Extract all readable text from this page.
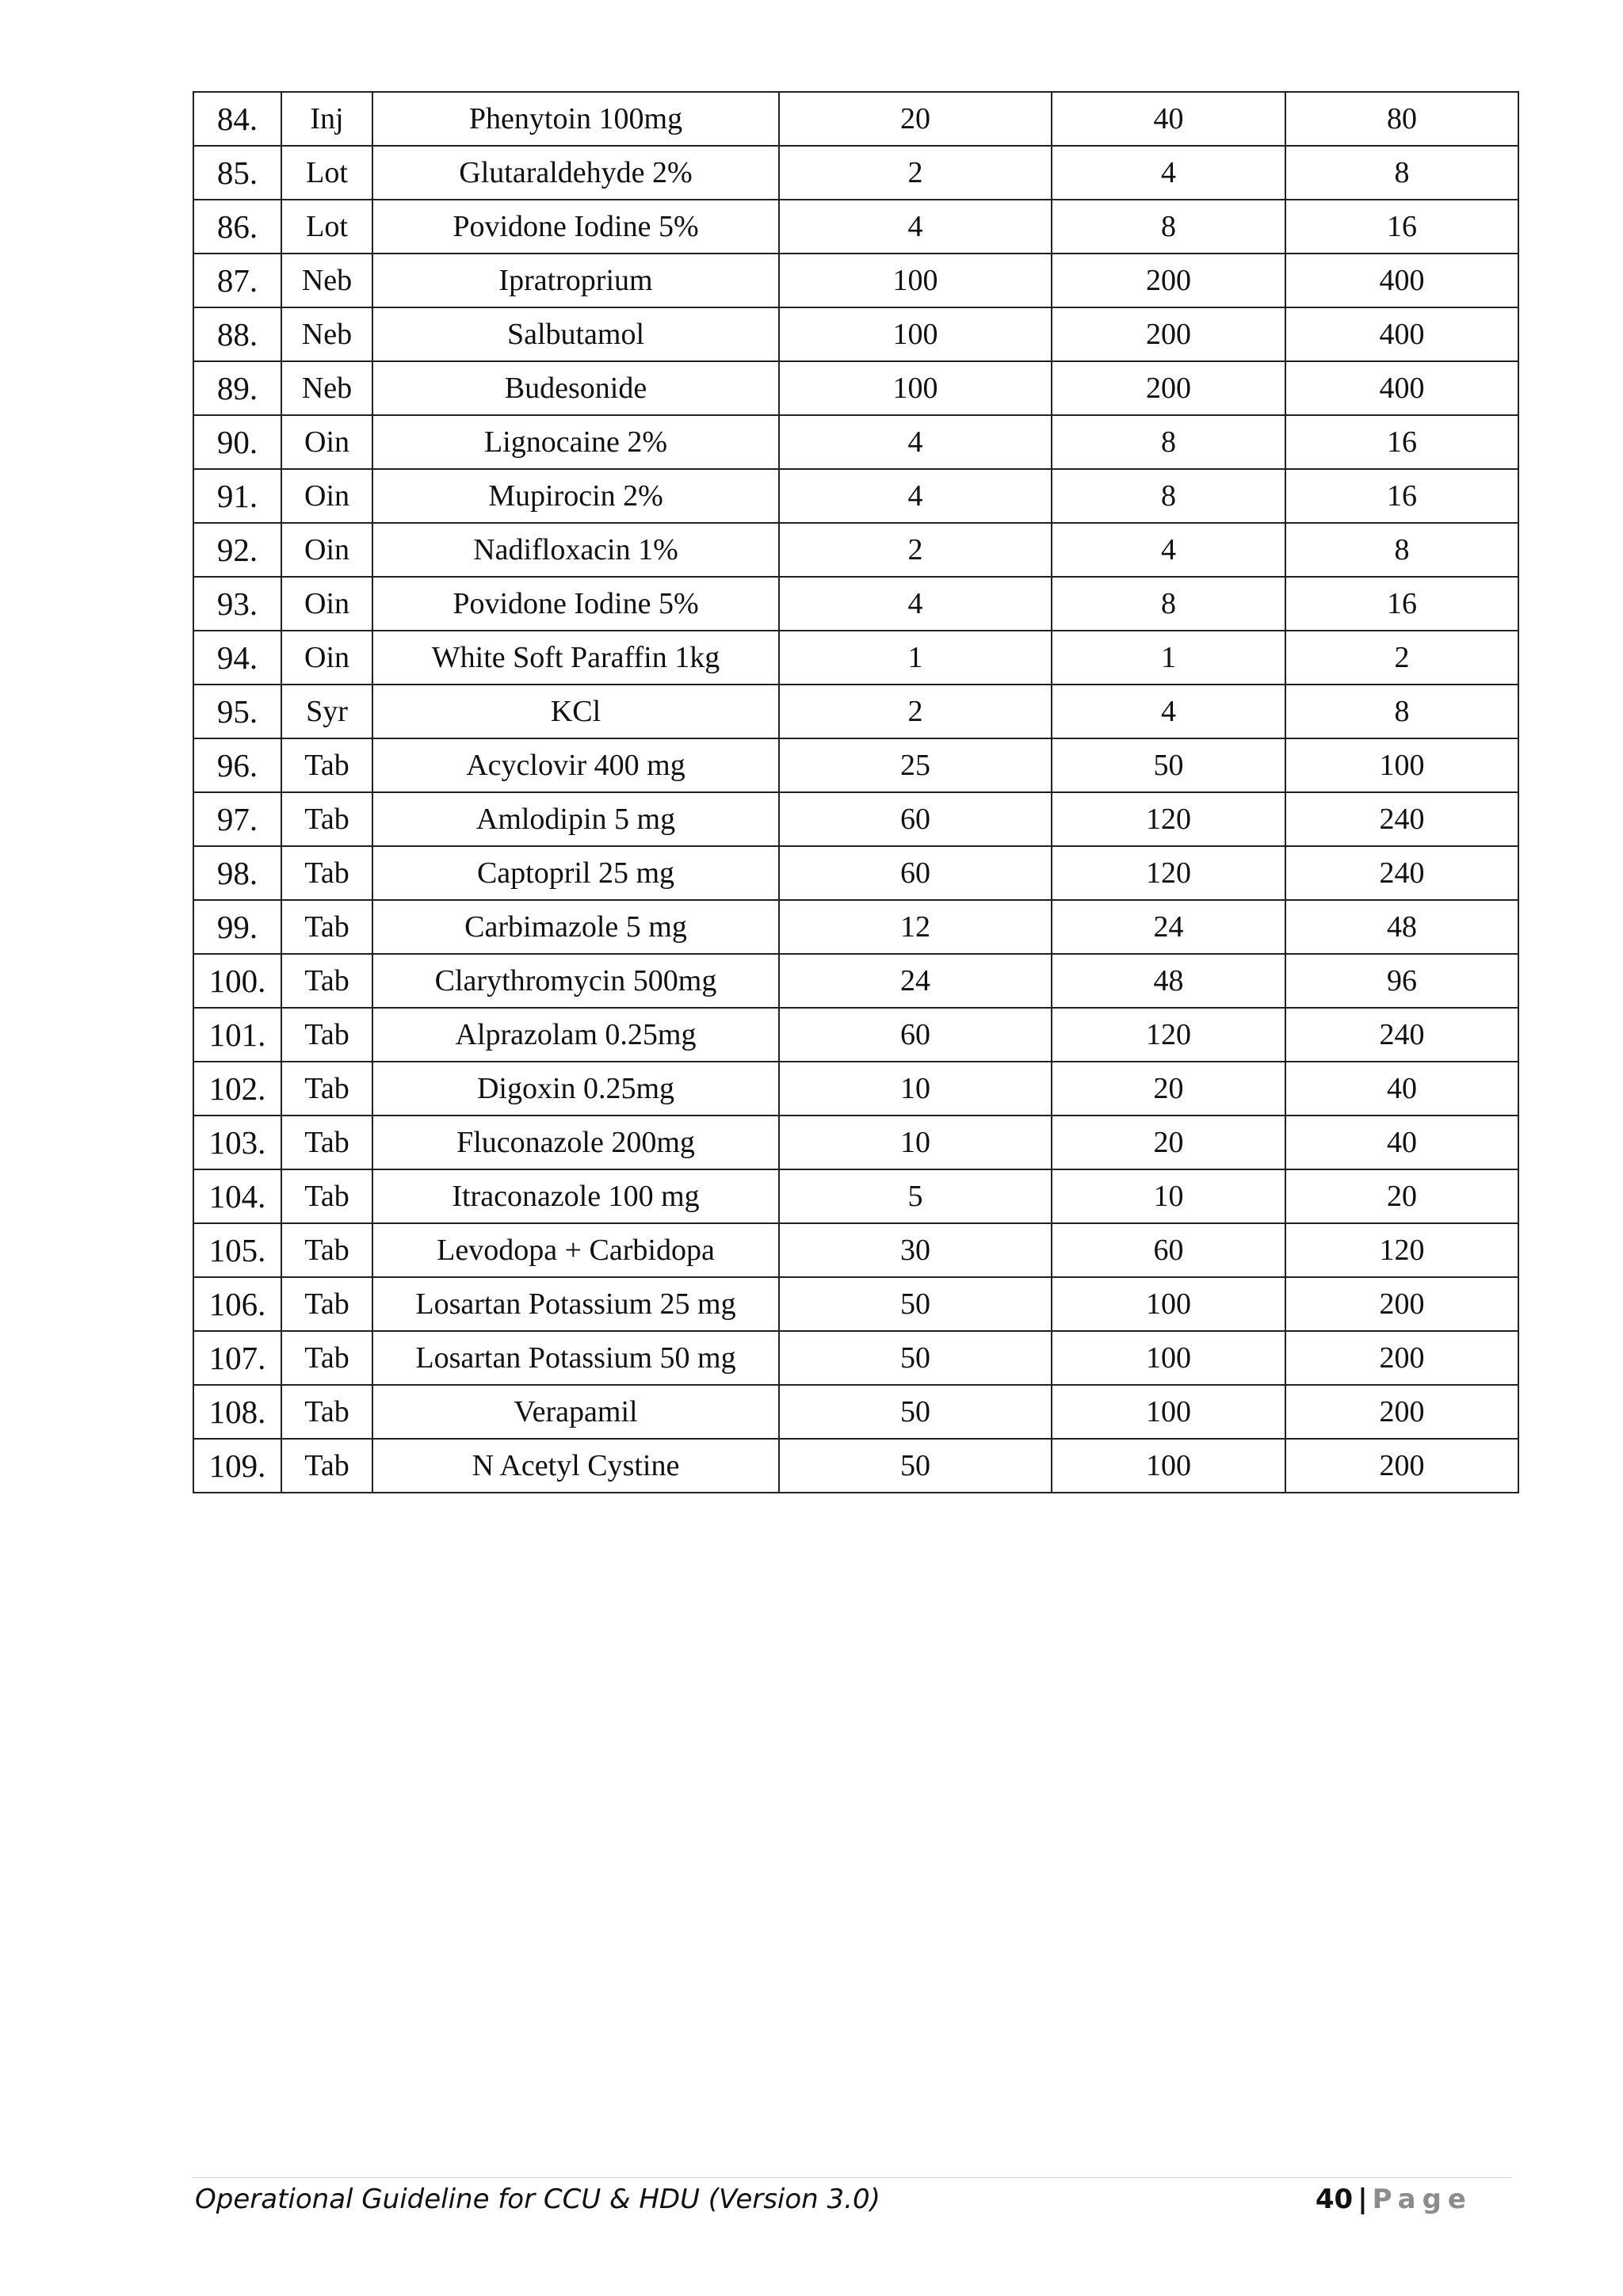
84.	Inj	Phenytoin 100mg	20	40	80
85.	Lot	Glutaraldehyde 2%	2	4	8
86.	Lot	Povidone Iodine 5%	4	8	16
87.	Neb	Ipratroprium	100	200	400
88.	Neb	Salbutamol	100	200	400
89.	Neb	Budesonide	100	200	400
90.	Oin	Lignocaine 2%	4	8	16
91.	Oin	Mupirocin 2%	4	8	16
92.	Oin	Nadifloxacin 1%	2	4	8
93.	Oin	Povidone Iodine 5%	4	8	16
94.	Oin	White Soft Paraffin 1kg	1	1	2
95.	Syr	KCl	2	4	8
96.	Tab	Acyclovir 400 mg	25	50	100
97.	Tab	Amlodipin 5 mg	60	120	240
98.	Tab	Captopril 25 mg	60	120	240
99.	Tab	Carbimazole 5 mg	12	24	48
100.	Tab	Clarythromycin 500mg	24	48	96
101.	Tab	Alprazolam 0.25mg	60	120	240
102.	Tab	Digoxin 0.25mg	10	20	40
103.	Tab	Fluconazole 200mg	10	20	40
104.	Tab	Itraconazole 100 mg	5	10	20
105.	Tab	Levodopa + Carbidopa	30	60	120
106.	Tab	Losartan Potassium 25 mg	50	100	200
107.	Tab	Losartan Potassium 50 mg	50	100	200
108.	Tab	Verapamil	50	100	200
109.	Tab	N Acetyl Cystine	50	100	200
Operational Guideline for CCU & HDU (Version 3.0)	40 | Page
